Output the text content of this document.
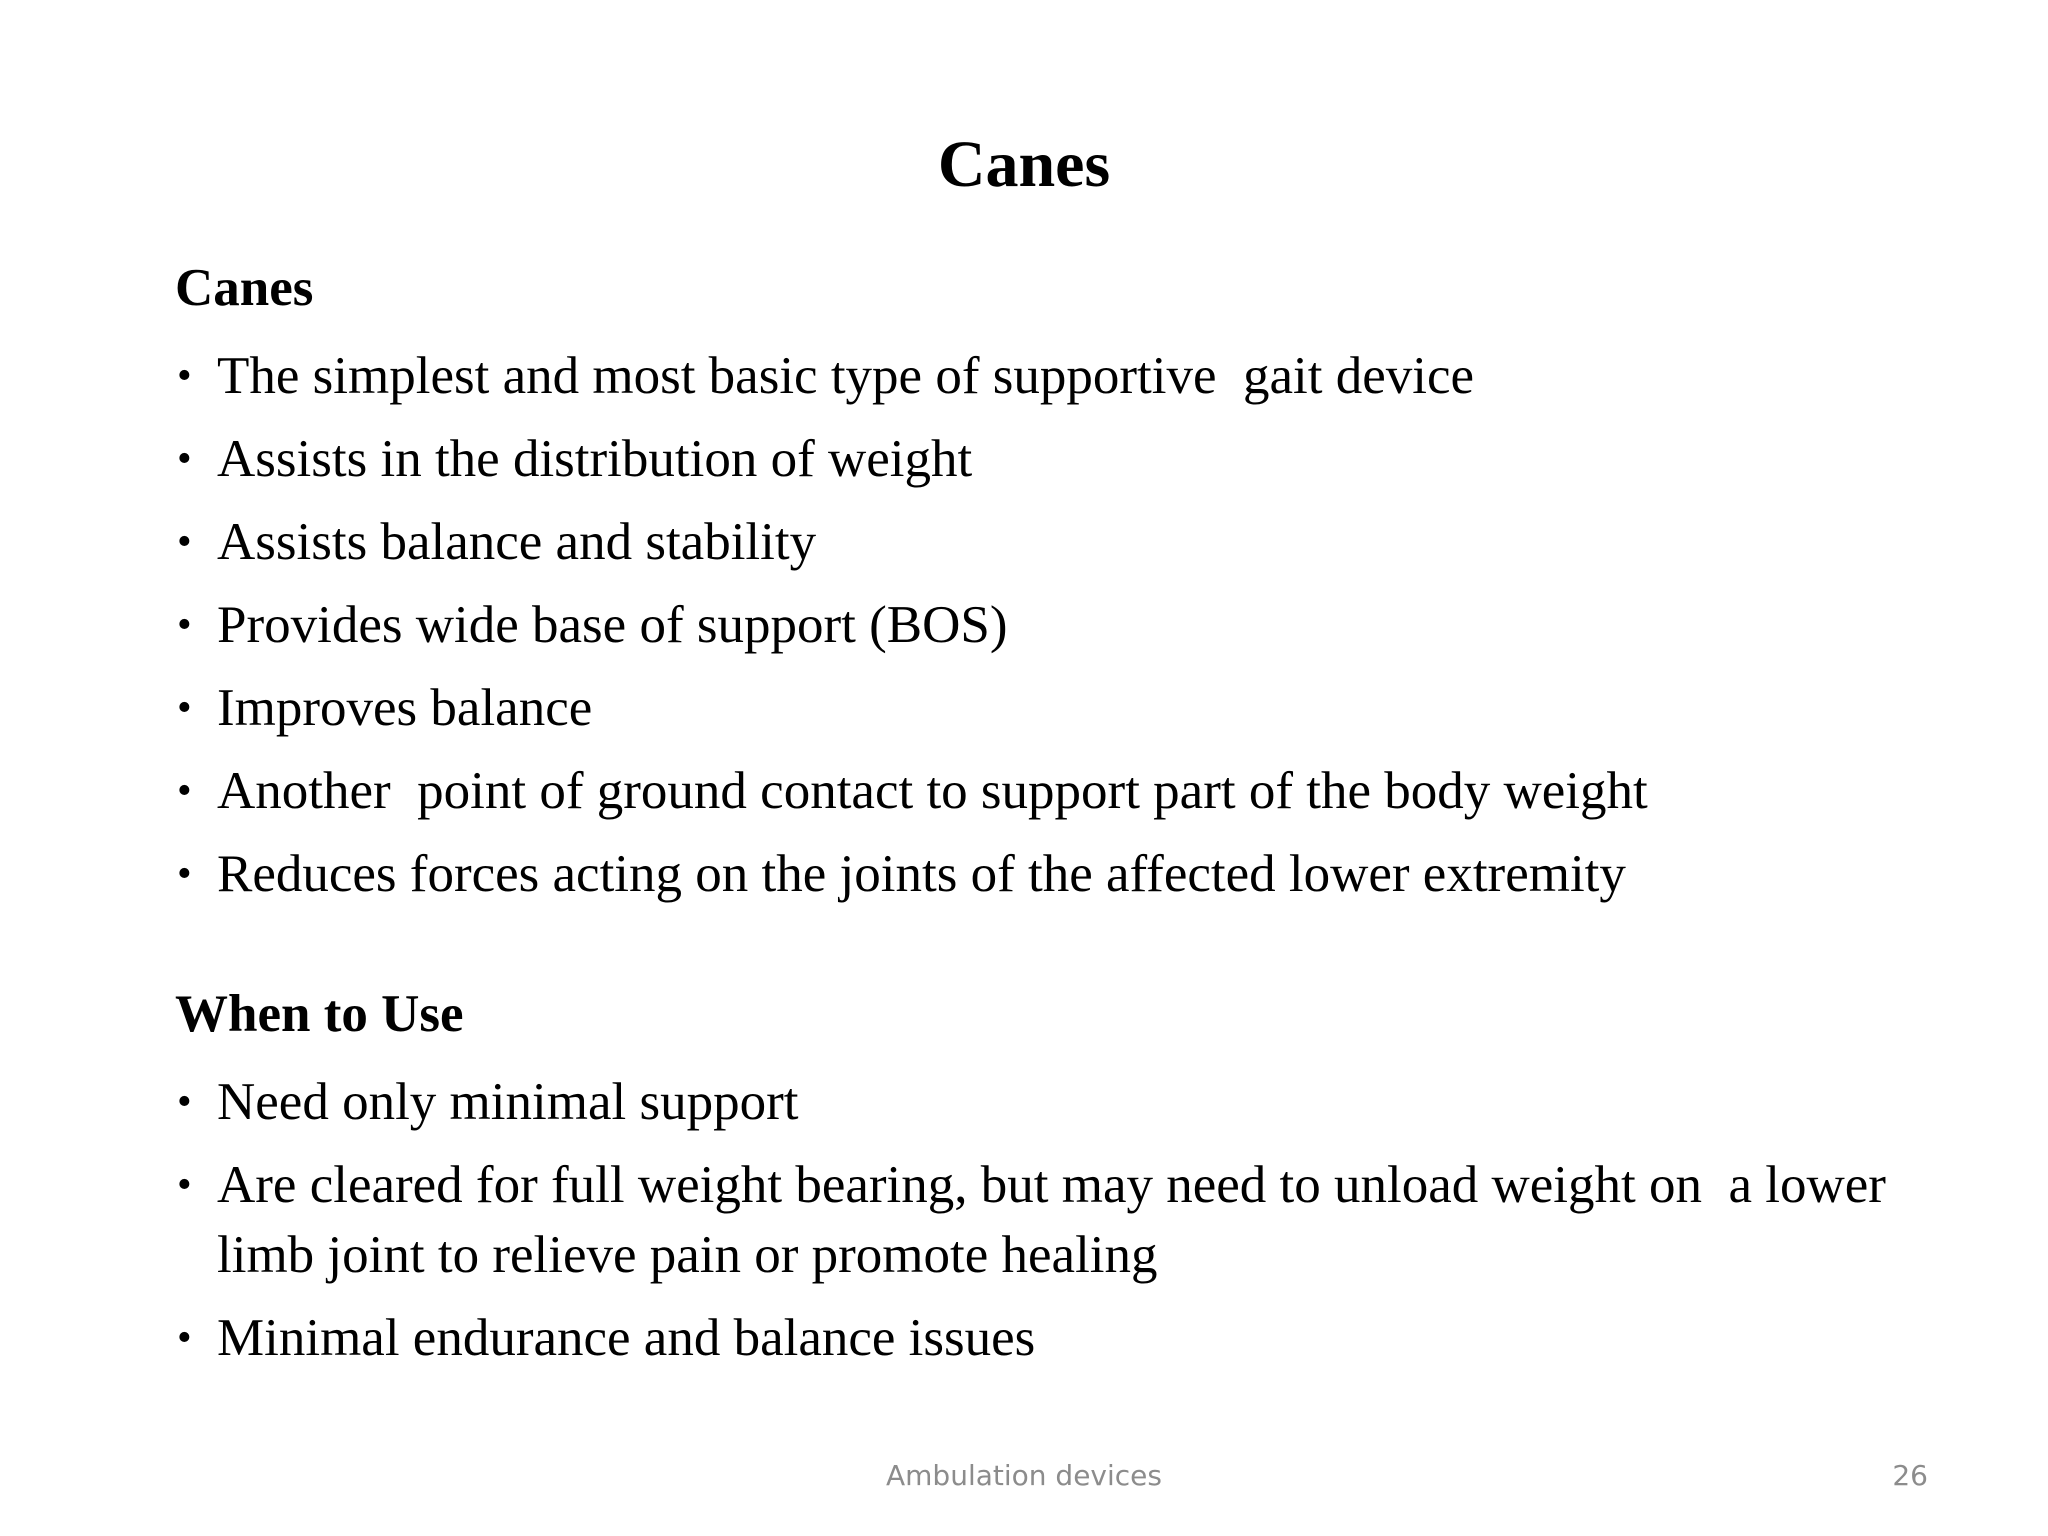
Canes
Canes
• The simplest and most basic type of supportive  gait device
• Assists in the distribution of weight
• Assists balance and stability
• Provides wide base of support (BOS)
• Improves balance
• Another  point of ground contact to support part of the body weight
• Reduces forces acting on the joints of the affected lower extremity
When to Use
• Need only minimal support
• Are cleared for full weight bearing, but may need to unload weight on  a lower limb joint to relieve pain or promote healing
• Minimal endurance and balance issues
Ambulation devices	26
